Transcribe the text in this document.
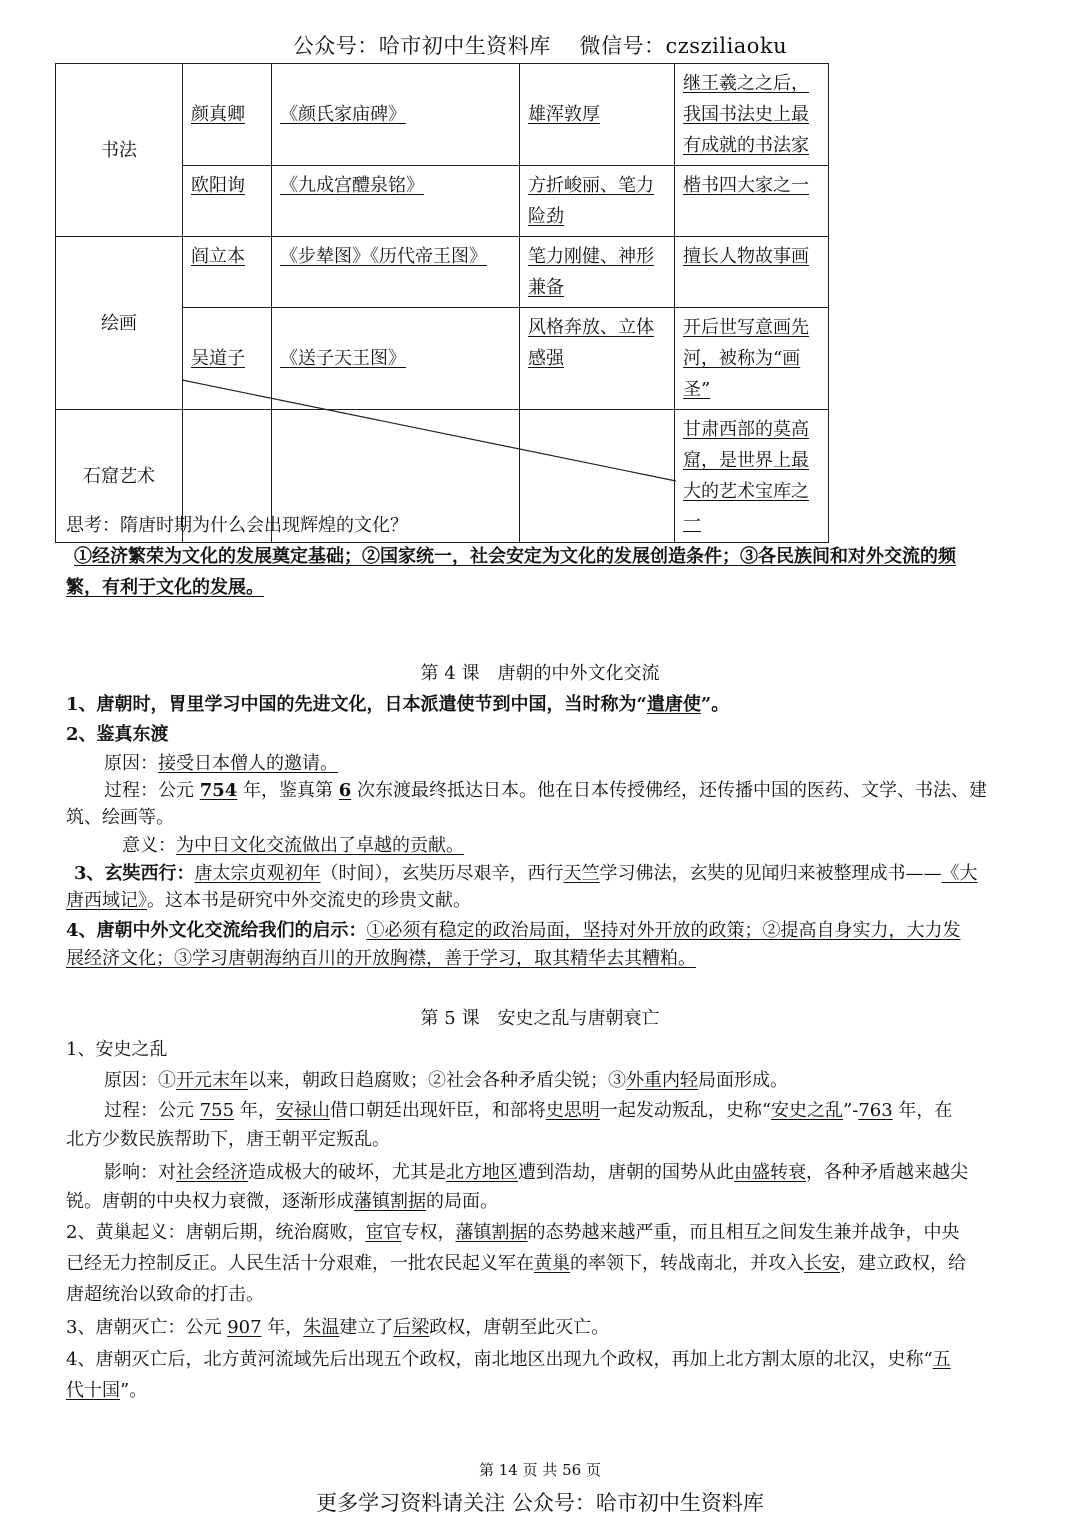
公众号：哈市初中生资料库　 微信号：czsziliaoku
书法	颜真卿	《颜氏家庙碑》	雄浑敦厚	继王羲之之后，我国书法史上最有成就的书法家
	欧阳询	《九成宫醴泉铭》	方折峻丽、笔力险劲	楷书四大家之一
绘画	阎立本	《步辇图》《历代帝王图》	笔力刚健、神形兼备	擅长人物故事画
	吴道子	《送子天王图》	风格奔放、立体感强	开后世写意画先河，被称为“画圣”
石窟艺术				甘肃西部的莫高窟，是世界上最大的艺术宝库之一
思考：隋唐时期为什么会出现辉煌的文化？
①经济繁荣为文化的发展奠定基础；②国家统一，社会安定为文化的发展创造条件；③各民族间和对外交流的频
繁，有利于文化的发展。
第 4 课　唐朝的中外文化交流
1、唐朝时，胃里学习中国的先进文化，日本派遣使节到中国，当时称为“遣唐使”。
2、鉴真东渡
原因：接受日本僧人的邀请。
过程：公元 754 年，鉴真第 6 次东渡最终抵达日本。他在日本传授佛经，还传播中国的医药、文学、书法、建
筑、绘画等。
意义：为中日文化交流做出了卓越的贡献。
3、玄奘西行：唐太宗贞观初年（时间），玄奘历尽艰辛，西行天竺学习佛法，玄奘的见闻归来被整理成书——《大
唐西域记》。这本书是研究中外交流史的珍贵文献。
4、唐朝中外文化交流给我们的启示：①必须有稳定的政治局面，坚持对外开放的政策；②提高自身实力，大力发
展经济文化；③学习唐朝海纳百川的开放胸襟，善于学习，取其精华去其糟粕。
第 5 课　安史之乱与唐朝衰亡
1、安史之乱
原因：①开元末年以来，朝政日趋腐败；②社会各种矛盾尖锐；③外重内轻局面形成。
过程：公元 755 年，安禄山借口朝廷出现奸臣，和部将史思明一起发动叛乱，史称“安史之乱”-763 年，在
北方少数民族帮助下，唐王朝平定叛乱。
影响：对社会经济造成极大的破坏，尤其是北方地区遭到浩劫，唐朝的国势从此由盛转衰，各种矛盾越来越尖
锐。唐朝的中央权力衰微，逐渐形成藩镇割据的局面。
2、黄巢起义：唐朝后期，统治腐败，宦官专权，藩镇割据的态势越来越严重，而且相互之间发生兼并战争，中央
已经无力控制反正。人民生活十分艰难，一批农民起义军在黄巢的率领下，转战南北，并攻入长安，建立政权，给
唐超统治以致命的打击。
3、唐朝灭亡：公元 907 年，朱温建立了后梁政权，唐朝至此灭亡。
4、唐朝灭亡后，北方黄河流域先后出现五个政权，南北地区出现九个政权，再加上北方割太原的北汉，史称“五
代十国”。
第 14 页 共 56 页
更多学习资料请关注 公众号：哈市初中生资料库
